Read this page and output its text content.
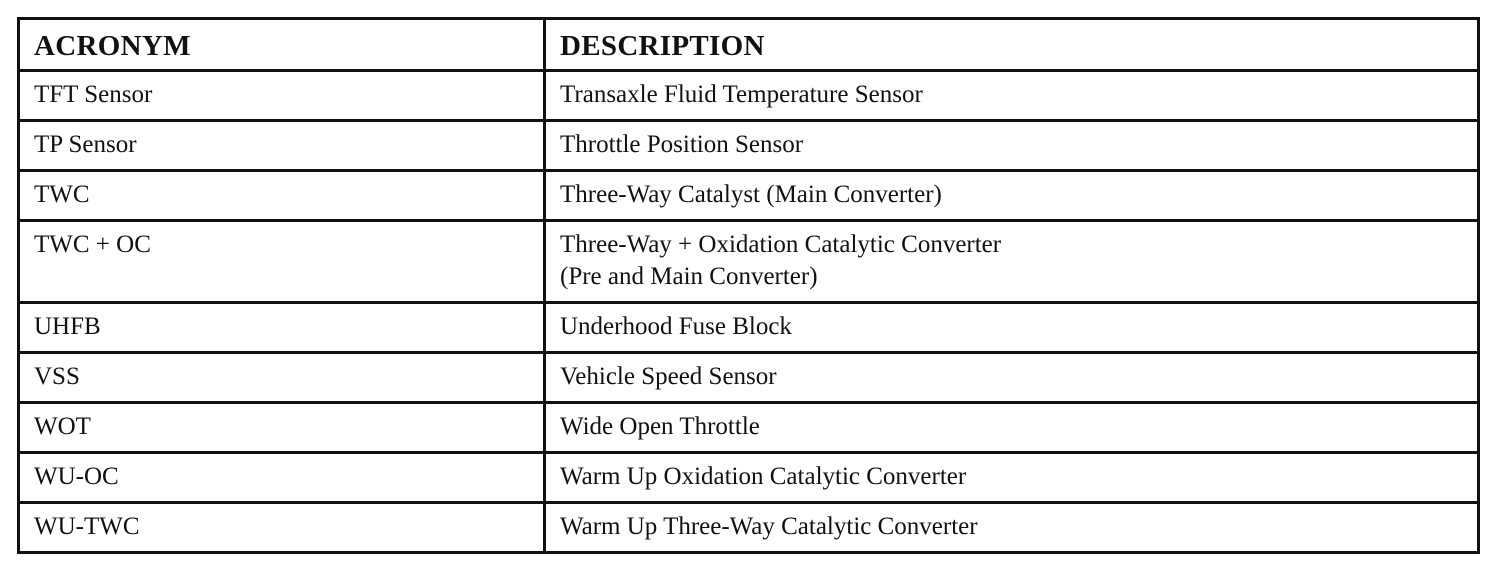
ACRONYM	DESCRIPTION
TFT Sensor	Transaxle Fluid Temperature Sensor

TP Sensor	Throttle Position Sensor

TWC	Three-Way Catalyst (Main Converter)

TWC + OC	Three-Way + Oxidation Catalytic Converter
(Pre and Main Converter)

UHFB	Underhood Fuse Block

VSS	Vehicle Speed Sensor

WOT	Wide Open Throttle

WU-OC	Warm Up Oxidation Catalytic Converter

WU-TWC	Warm Up Three-Way Catalytic Converter
